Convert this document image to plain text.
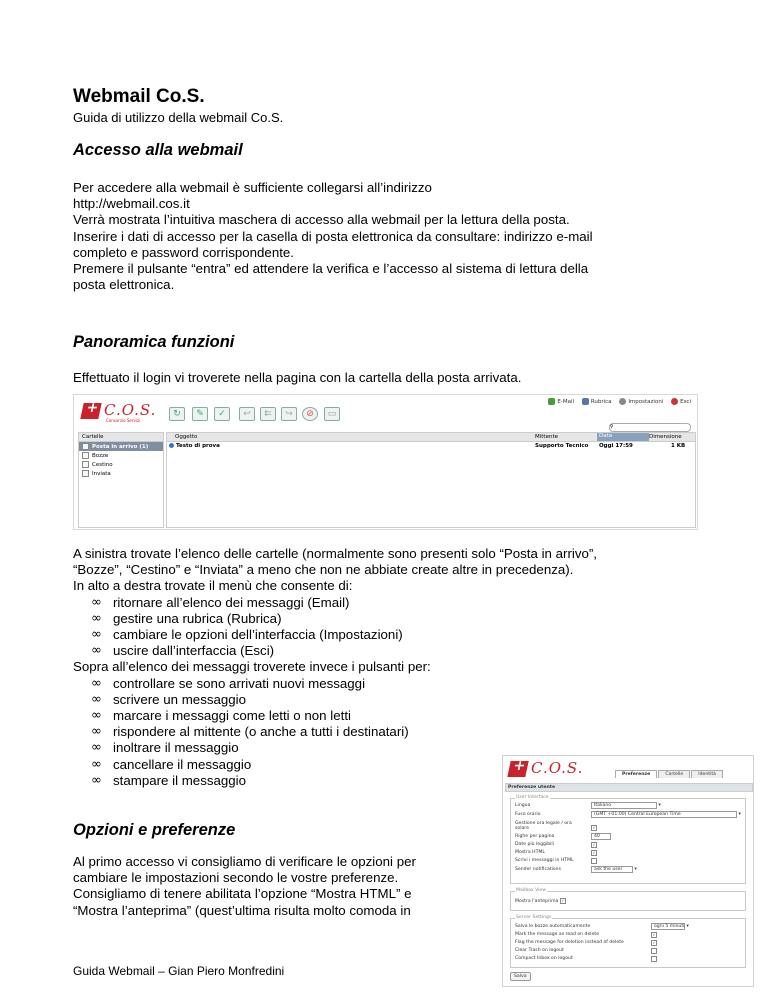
Webmail Co.S.
Guida di utilizzo della webmail Co.S.
Accesso alla webmail
Per accedere alla webmail è sufficiente collegarsi all’indirizzo
http://webmail.cos.it
Verrà mostrata l’intuitiva maschera di accesso alla webmail per la lettura della posta.
Inserire i dati di accesso per la casella di posta elettronica da consultare: indirizzo e-mail
completo e password corrispondente.
Premere il pulsante “entra” ed attendere la verifica e l’accesso al sistema di lettura della
posta elettronica.
Panoramica funzioni
Effettuato il login vi troverete nella pagina con la cartella della posta arrivata.
+
C.O.S.
Consorzio Servizi
↻	✎	✓	↩	⇇	↪	⊘	▭
E-Mail
	Rubrica
	Impostazioni
	Esci
⚲
Cartelle
Posta in arrivo (1)
Bozze
Cestino
Inviata
Oggetto	Mittente	Data	Dimensione
Testo di prova	Supporto Tecnico Oggi 17:59	1 KB
A sinistra trovate l’elenco delle cartelle (normalmente sono presenti solo “Posta in arrivo”,
“Bozze”, “Cestino” e “Inviata” a meno che non ne abbiate create altre in precedenza).
In alto a destra trovate il menù che consente di:
∞ ritornare all’elenco dei messaggi (Email)
∞ gestire una rubrica (Rubrica)
∞ cambiare le opzioni dell’interfaccia (Impostazioni)
∞ uscire dall’interfaccia (Esci)
Sopra all’elenco dei messaggi troverete invece i pulsanti per:
∞ controllare se sono arrivati nuovi messaggi
∞ scrivere un messaggio
∞ marcare i messaggi come letti o non letti
∞ rispondere al mittente (o anche a tutti i destinatari)
∞ inoltrare il messaggio
∞ cancellare il messaggio
∞ stampare il messaggio
Opzioni e preferenze
Al primo accesso vi consigliamo di verificare le opzioni per
cambiare le impostazioni secondo le vostre preferenze.
Consigliamo di tenere abilitata l’opzione “Mostra HTML” e
“Mostra l’anteprima” (quest’ultima risulta molto comoda in
Guida Webmail – Gian Piero Monfredini
+
C.O.S.	Preferenze	Cartelle	Identità
Preferenze utente
User Interface
Lingua	Italiano	▾
Fuso orario	(GMT +01:00) Central European Time	▾
Gestione ora legale / ora solare	✓
Righe per pagina	40
Date più leggibili	✓
Mostra HTML	✓
Scrivi i messaggi in HTML
Sender notifications	ask the user ▾
Mailbox View
Mostra l'anteprima ✓
Server Settings
Salva le bozze automaticamente	ogni 5 minuti ▾
Mark the message as read on delete	✓
Flag the message for deletion instead of delete	✓
Clear Trash on logout
Compact Inbox on logout
Salva
